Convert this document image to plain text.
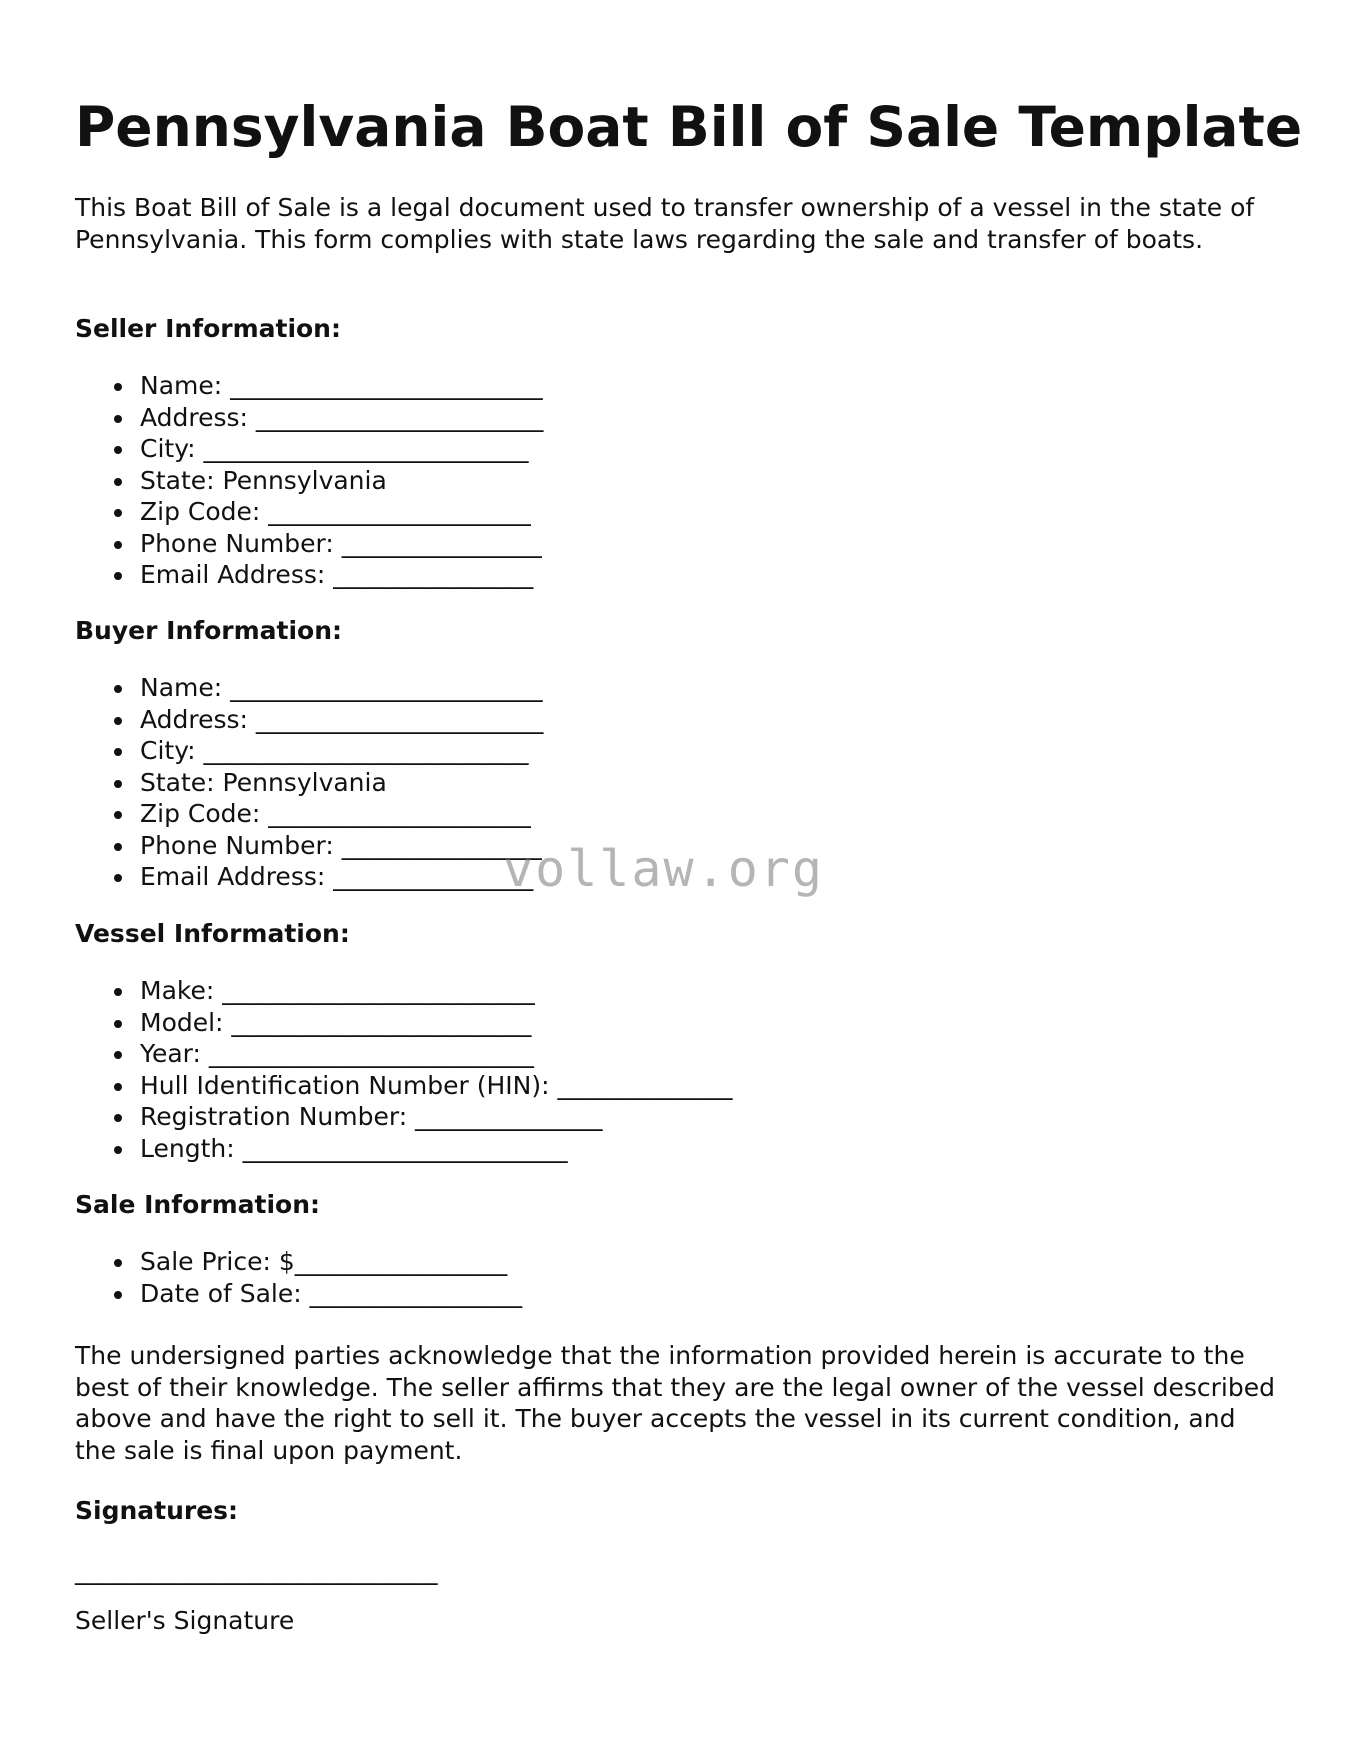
Pennsylvania Boat Bill of Sale Template

This Boat Bill of Sale is a legal document used to transfer ownership of a vessel in the state of Pennsylvania. This form complies with state laws regarding the sale and transfer of boats.

Seller Information:
Name: _________________________
Address: _______________________
City: __________________________
State: Pennsylvania
Zip Code: _____________________
Phone Number: ________________
Email Address: ________________
Buyer Information:
Name: _________________________
Address: _______________________
City: __________________________
State: Pennsylvania
Zip Code: _____________________
Phone Number: ________________
Email Address: ________________
Vessel Information:
Make: _________________________
Model: ________________________
Year: __________________________
Hull Identification Number (HIN): ______________
Registration Number: _______________
Length: __________________________
Sale Information:
Sale Price: $_________________
Date of Sale: _________________

The undersigned parties acknowledge that the information provided herein is accurate to the best of their knowledge. The seller affirms that they are the legal owner of the vessel described above and have the right to sell it. The buyer accepts the vessel in its current condition, and the sale is final upon payment.

Signatures:
_____________________________
Seller's Signature
vollaw.org
